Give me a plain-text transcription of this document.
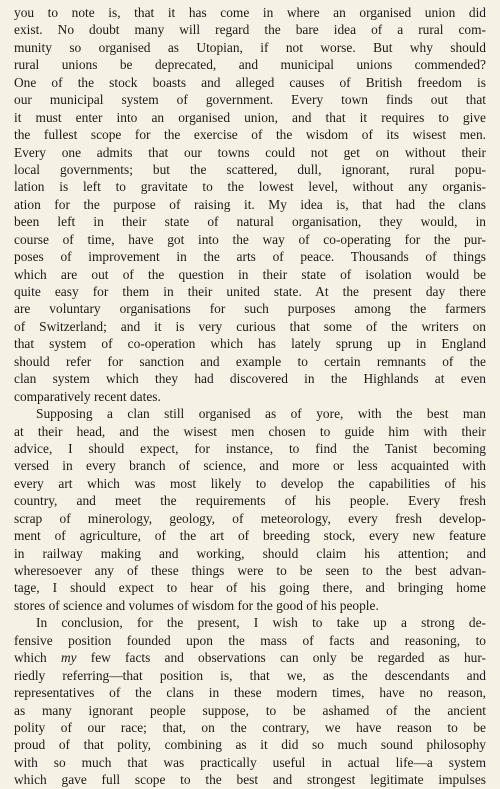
you to note is, that it has come in where an organised union did
exist. No doubt many will regard the bare idea of a rural com-
munity so organised as Utopian, if not worse. But why should
rural unions be deprecated, and municipal unions commended?
One of the stock boasts and alleged causes of British freedom is
our municipal system of government. Every town finds out that
it must enter into an organised union, and that it requires to give
the fullest scope for the exercise of the wisdom of its wisest men.
Every one admits that our towns could not get on without their
local governments; but the scattered, dull, ignorant, rural popu-
lation is left to gravitate to the lowest level, without any organis-
ation for the purpose of raising it. My idea is, that had the clans
been left in their state of natural organisation, they would, in
course of time, have got into the way of co-operating for the pur-
poses of improvement in the arts of peace. Thousands of things
which are out of the question in their state of isolation would be
quite easy for them in their united state. At the present day there
are voluntary organisations for such purposes among the farmers
of Switzerland; and it is very curious that some of the writers on
that system of co-operation which has lately sprung up in England
should refer for sanction and example to certain remnants of the
clan system which they had discovered in the Highlands at even
comparatively recent dates.
Supposing a clan still organised as of yore, with the best man
at their head, and the wisest men chosen to guide him with their
advice, I should expect, for instance, to find the Tanist becoming
versed in every branch of science, and more or less acquainted with
every art which was most likely to develop the capabilities of his
country, and meet the requirements of his people. Every fresh
scrap of minerology, geology, of meteorology, every fresh develop-
ment of agriculture, of the art of breeding stock, every new feature
in railway making and working, should claim his attention; and
wheresoever any of these things were to be seen to the best advan-
tage, I should expect to hear of his going there, and bringing home
stores of science and volumes of wisdom for the good of his people.
In conclusion, for the present, I wish to take up a strong de-
fensive position founded upon the mass of facts and reasoning, to
which my few facts and observations can only be regarded as hur-
riedly referring—that position is, that we, as the descendants and
representatives of the clans in these modern times, have no reason,
as many ignorant people suppose, to be ashamed of the ancient
polity of our race; that, on the contrary, we have reason to be
proud of that polity, combining as it did so much sound philosophy
with so much that was practically useful in actual life—a system
which gave full scope to the best and strongest legitimate impulses
